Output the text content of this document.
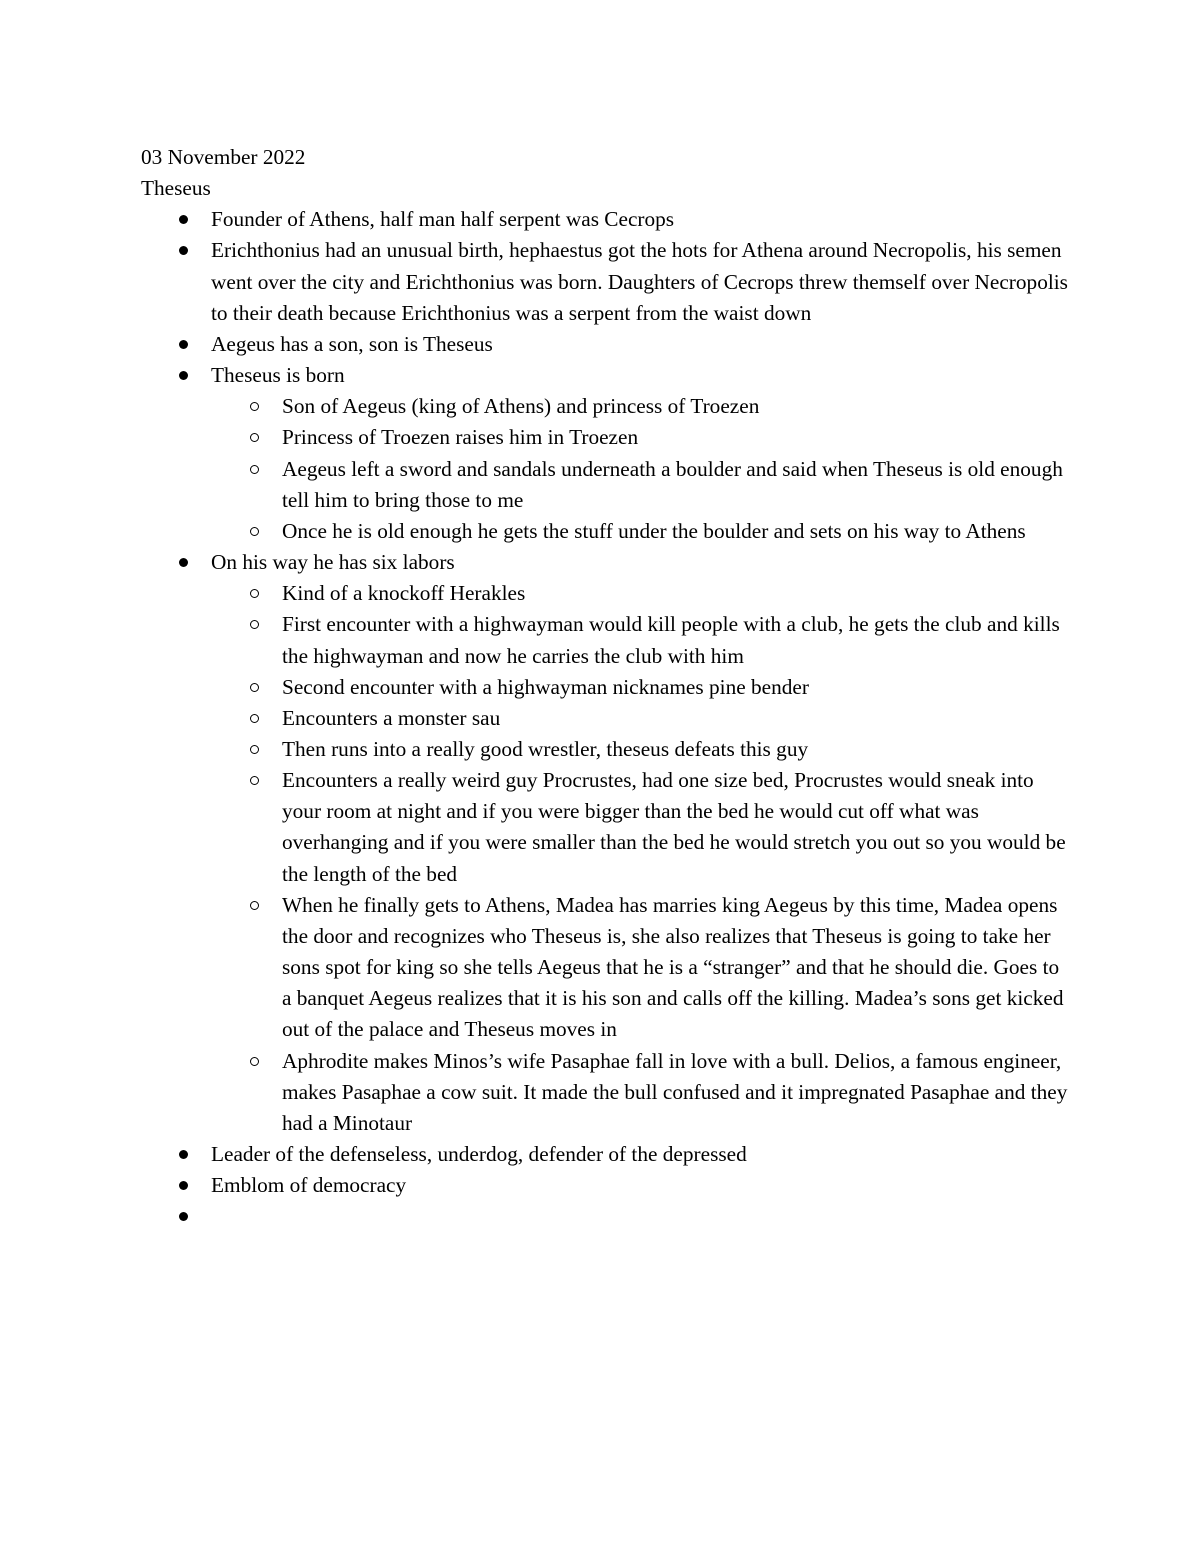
03 November 2022

Theseus

Founder of Athens, half man half serpent was Cecrops
Erichthonius had an unusual birth, hephaestus got the hots for Athena around Necropolis, his semen went over the city and Erichthonius was born. Daughters of Cecrops threw themself over Necropolis to their death because Erichthonius was a serpent from the waist down
Aegeus has a son, son is Theseus
Theseus is born
Son of Aegeus (king of Athens) and princess of Troezen
Princess of Troezen raises him in Troezen
Aegeus left a sword and sandals underneath a boulder and said when Theseus is old enough tell him to bring those to me
Once he is old enough he gets the stuff under the boulder and sets on his way to Athens
On his way he has six labors
Kind of a knockoff Herakles
First encounter with a highwayman would kill people with a club, he gets the club and kills the highwayman and now he carries the club with him
Second encounter with a highwayman nicknames pine bender
Encounters a monster sau
Then runs into a really good wrestler, theseus defeats this guy
Encounters a really weird guy Procrustes, had one size bed, Procrustes would sneak into your room at night and if you were bigger than the bed he would cut off what was overhanging and if you were smaller than the bed he would stretch you out so you would be the length of the bed
When he finally gets to Athens, Madea has marries king Aegeus by this time, Madea opens the door and recognizes who Theseus is, she also realizes that Theseus is going to take her sons spot for king so she tells Aegeus that he is a “stranger” and that he should die. Goes to a banquet Aegeus realizes that it is his son and calls off the killing. Madea’s sons get kicked out of the palace and Theseus moves in
Aphrodite makes Minos’s wife Pasaphae fall in love with a bull. Delios, a famous engineer, makes Pasaphae a cow suit. It made the bull confused and it impregnated Pasaphae and they had a Minotaur
Leader of the defenseless, underdog, defender of the depressed
Emblom of democracy
